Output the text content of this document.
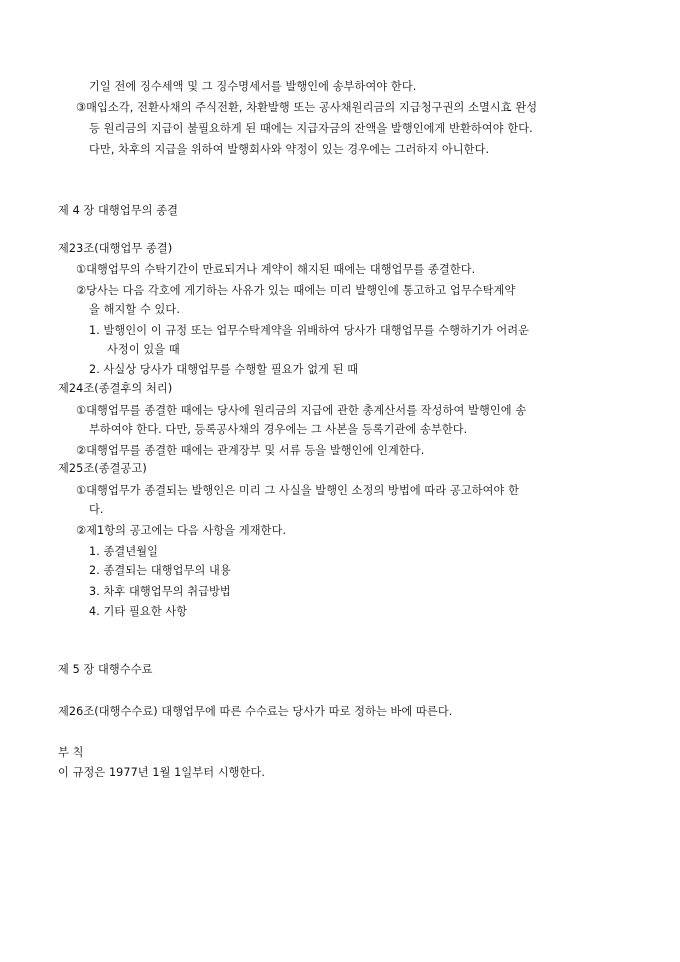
기일 전에 징수세액 및 그 징수명세서를 발행인에 송부하여야 한다.
③매입소각, 전환사채의 주식전환, 차환발행 또는 공사채원리금의 지급청구권의 소멸시효 완성
등 원리금의 지급이 불필요하게 된 때에는 지급자금의 잔액을 발행인에게 반환하여야 한다.
다만, 차후의 지급을 위하여 발행회사와 약정이 있는 경우에는 그러하지 아니한다.
제 4 장 대행업무의 종결
제23조(대행업무 종결)
①대행업무의 수탁기간이 만료되거나 계약이 해지된 때에는 대행업무를 종결한다.
②당사는 다음 각호에 게기하는 사유가 있는 때에는 미리 발행인에 통고하고 업무수탁계약
을 해지할 수 있다.
1. 발행인이 이 규정 또는 업무수탁계약을 위배하여 당사가 대행업무를 수행하기가 어려운
사정이 있을 때
2. 사실상 당사가 대행업무를 수행할 필요가 없게 된 때
제24조(종결후의 처리)
①대행업무를 종결한 때에는 당사에 원리금의 지급에 관한 총계산서를 작성하여 발행인에 송
부하여야 한다. 다만, 등록공사채의 경우에는 그 사본을 등록기관에 송부한다.
②대행업무를 종결한 때에는 관계장부 및 서류 등을 발행인에 인계한다.
제25조(종결공고)
①대행업무가 종결되는 발행인은 미리 그 사실을 발행인 소정의 방법에 따라 공고하여야 한
다.
②제1항의 공고에는 다음 사항을 게재한다.
1. 종결년월일
2. 종결되는 대행업무의 내용
3. 차후 대행업무의 취급방법
4. 기타 필요한 사항
제 5 장 대행수수료
제26조(대행수수료) 대행업무에 따른 수수료는 당사가 따로 정하는 바에 따른다.
부 칙
이 규정은 1977년 1월 1일부터 시행한다.
